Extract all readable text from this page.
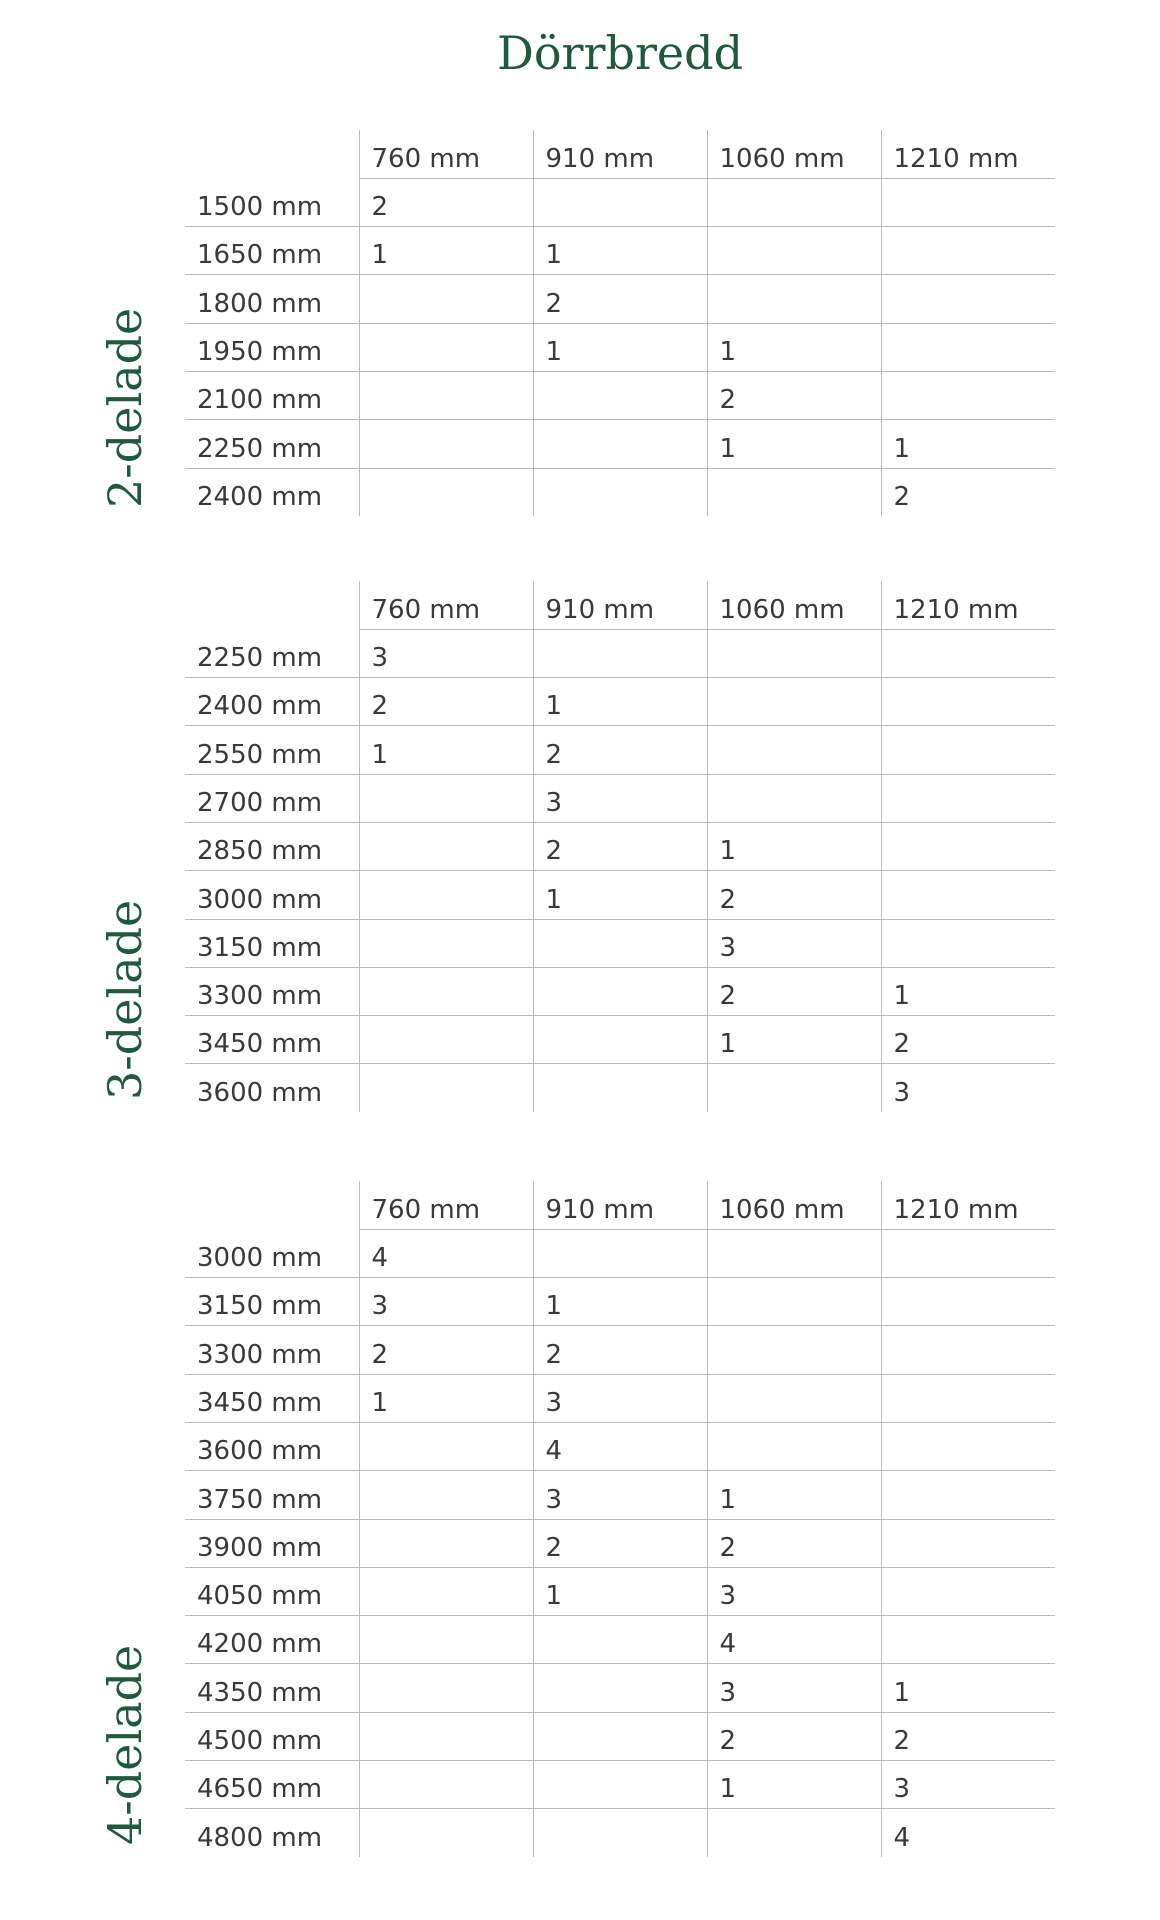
Dörrbredd
2-delade
	760 mm	910 mm	1060 mm	1210 mm
1500 mm	2			
1650 mm	1	1		
1800 mm		2		
1950 mm		1	1	
2100 mm			2	
2250 mm			1	1
2400 mm				2
3-delade
	760 mm	910 mm	1060 mm	1210 mm
2250 mm	3			
2400 mm	2	1		
2550 mm	1	2		
2700 mm		3		
2850 mm		2	1	
3000 mm		1	2	
3150 mm			3	
3300 mm			2	1
3450 mm			1	2
3600 mm				3
4-delade
	760 mm	910 mm	1060 mm	1210 mm
3000 mm	4			
3150 mm	3	1		
3300 mm	2	2		
3450 mm	1	3		
3600 mm		4		
3750 mm		3	1	
3900 mm		2	2	
4050 mm		1	3	
4200 mm			4	
4350 mm			3	1
4500 mm			2	2
4650 mm			1	3
4800 mm				4
